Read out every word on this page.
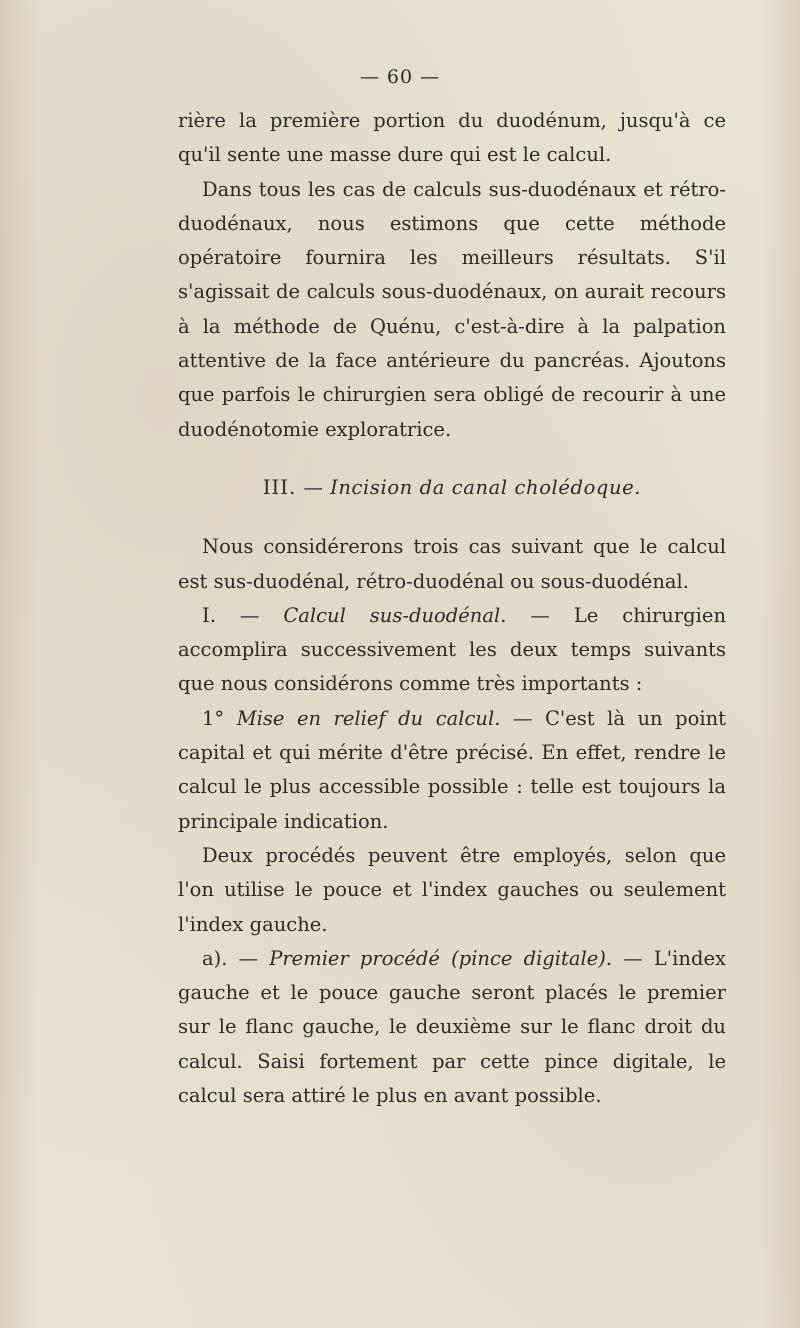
— 60 —

rière la première portion du duodénum, jusqu'à ce qu'il sente une masse dure qui est le calcul.

Dans tous les cas de calculs sus-duodénaux et rétro-duodénaux, nous estimons que cette méthode opératoire fournira les meilleurs résultats. S'il s'agissait de calculs sous-duodénaux, on aurait recours à la méthode de Quénu, c'est-à-dire à la palpation attentive de la face antérieure du pancréas. Ajoutons que parfois le chirurgien sera obligé de recourir à une duodénotomie exploratrice.

III. — Incision da canal cholédoque.

Nous considérerons trois cas suivant que le calcul est sus-duodénal, rétro-duodénal ou sous-duodénal.

I. — Calcul sus-duodénal. — Le chirurgien accomplira successivement les deux temps suivants que nous considérons comme très importants :

1° Mise en relief du calcul. — C'est là un point capital et qui mérite d'être précisé. En effet, rendre le calcul le plus accessible possible : telle est toujours la principale indication.

Deux procédés peuvent être employés, selon que l'on utilise le pouce et l'index gauches ou seulement l'index gauche.

a). — Premier procédé (pince digitale). — L'index gauche et le pouce gauche seront placés le premier sur le flanc gauche, le deuxième sur le flanc droit du calcul. Saisi fortement par cette pince digitale, le calcul sera attiré le plus en avant possible.
